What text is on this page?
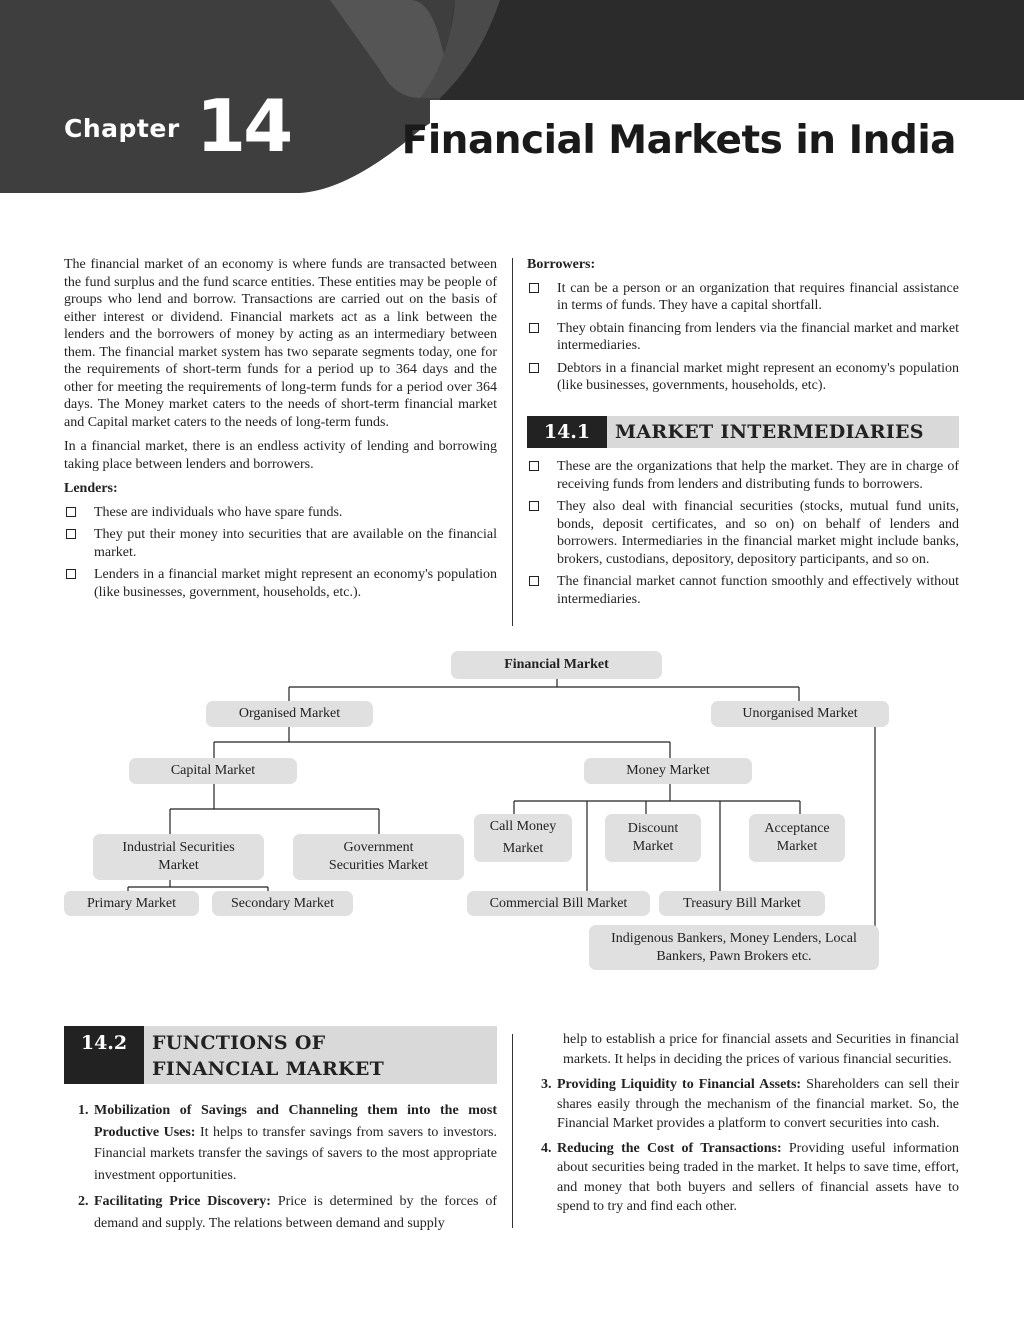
Chapter 14	Financial Markets in India

The financial market of an economy is where funds are transacted between the fund surplus and the fund scarce entities. These entities may be people of groups who lend and borrow. Transactions are carried out on the basis of either interest or dividend. Financial markets act as a link between the lenders and the borrowers of money by acting as an intermediary between them. The financial market system has two separate segments today, one for the requirements of short-term funds for a period up to 364 days and the other for meeting the requirements of long-term funds for a period over 364 days. The Money market caters to the needs of short-term financial market and Capital market caters to the needs of long-term funds.

In a financial market, there is an endless activity of lending and borrowing taking place between lenders and borrowers.

Lenders:
These are individuals who have spare funds.
They put their money into securities that are available on the financial market.
Lenders in a financial market might represent an economy's population (like businesses, government, households, etc.).
Borrowers:
It can be a person or an organization that requires financial assistance in terms of funds. They have a capital shortfall.
They obtain financing from lenders via the financial market and market intermediaries.
Debtors in a financial market might represent an economy's population (like businesses, governments, households, etc).
14.1	MARKET INTERMEDIARIES
These are the organizations that help the market. They are in charge of receiving funds from lenders and distributing funds to borrowers.
They also deal with financial securities (stocks, mutual fund units, bonds, deposit certificates, and so on) on behalf of lenders and borrowers. Intermediaries in the financial market might include banks, brokers, custodians, depository, depository participants, and so on.
The financial market cannot function smoothly and effectively without intermediaries.
Financial Market
Organised Market	Unorganised Market
Capital Market	Money Market
Industrial Securities Market
Government Securities Market
Primary Market	Secondary Market
Call Money Market
Discount Market
Acceptance Market
Commercial Bill Market	Treasury Bill Market
Indigenous Bankers, Money Lenders, Local Bankers, Pawn Brokers etc.
14.2	FUNCTIONS OF FINANCIAL MARKET
1. Mobilization of Savings and Channeling them into the most Productive Uses: It helps to transfer savings from savers to investors. Financial markets transfer the savings of savers to the most appropriate investment opportunities.
2. Facilitating Price Discovery: Price is determined by the forces of demand and supply. The relations between demand and supply

help to establish a price for financial assets and Securities in financial markets. It helps in deciding the prices of various financial securities.

3. Providing Liquidity to Financial Assets: Shareholders can sell their shares easily through the mechanism of the financial market. So, the Financial Market provides a platform to convert securities into cash.
4. Reducing the Cost of Transactions: Providing useful information about securities being traded in the market. It helps to save time, effort, and money that both buyers and sellers of financial assets have to spend to try and find each other.
